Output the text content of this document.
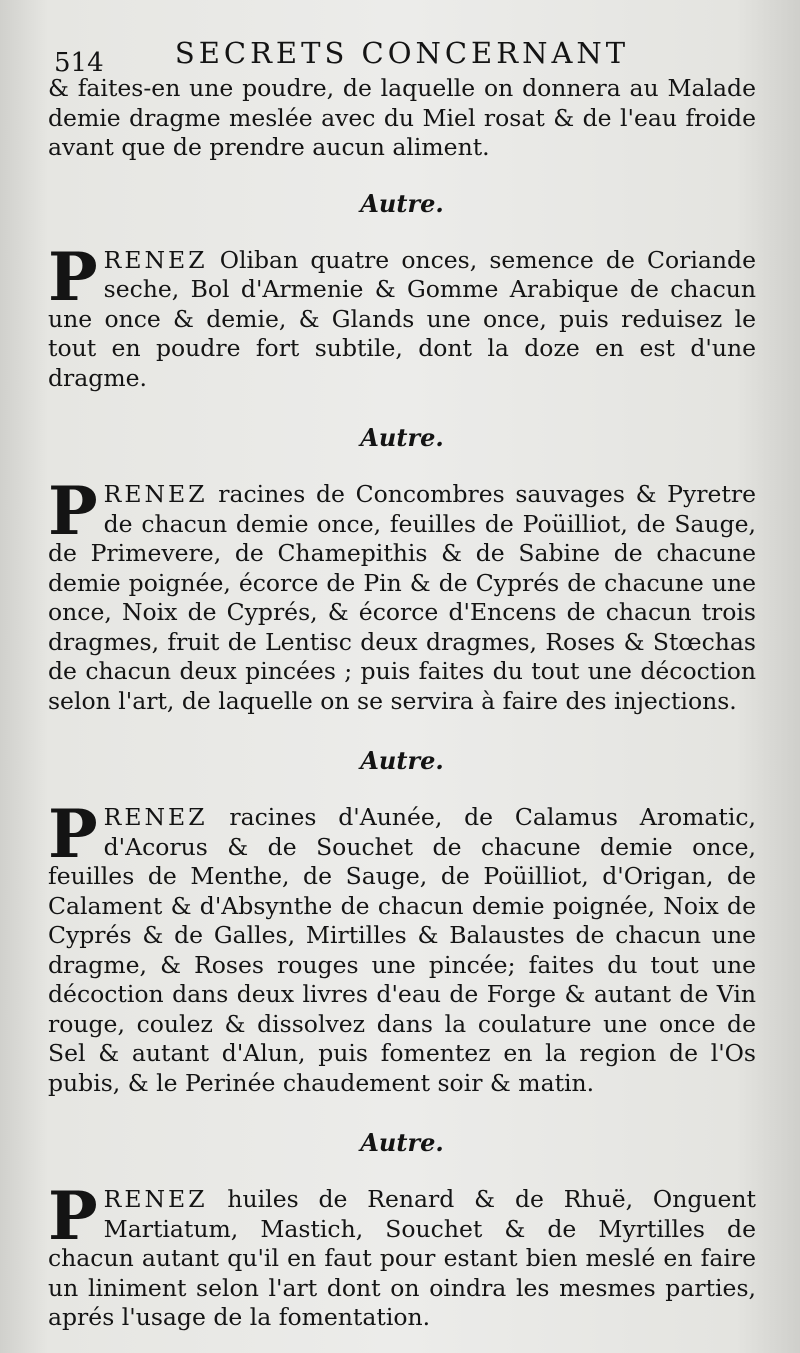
514 SECRETS CONCERNANT

& faites-en une poudre, de laquelle on donnera au Malade demie dragme meslée avec du Miel rosat & de l'eau froide avant que de prendre aucun aliment.

Autre.

PRENEZ Oliban quatre onces, semence de Coriande seche, Bol d'Armenie & Gomme Arabique de chacun une once & demie, & Glands une once, puis reduisez le tout en poudre fort subtile, dont la doze en est d'une dragme.

Autre.

PRENEZ racines de Concombres sauvages & Pyretre de chacun demie once, feuilles de Poüilliot, de Sauge, de Primevere, de Chamepithis & de Sabine de chacune demie poignée, écorce de Pin & de Cyprés de chacune une once, Noix de Cyprés, & écorce d'Encens de chacun trois dragmes, fruit de Lentisc deux dragmes, Roses & Stœchas de chacun deux pincées ; puis faites du tout une décoction selon l'art, de laquelle on se servira à faire des injections.

Autre.

PRENEZ racines d'Aunée, de Calamus Aromatic, d'Acorus & de Souchet de chacune demie once, feuilles de Menthe, de Sauge, de Poüilliot, d'Origan, de Calament & d'Absynthe de chacun demie poignée, Noix de Cyprés & de Galles, Mirtilles & Balaustes de chacun une dragme, & Roses rouges une pincée; faites du tout une décoction dans deux livres d'eau de Forge & autant de Vin rouge, coulez & dissolvez dans la coulature une once de Sel & autant d'Alun, puis fomentez en la region de l'Os pubis, & le Perinée chaudement soir & matin.

Autre.

PRENEZ huiles de Renard & de Rhuë, Onguent Martiatum, Mastich, Souchet & de Myrtilles de chacun autant qu'il en faut pour estant bien meslé en faire un liniment selon l'art dont on oindra les mesmes parties, aprés l'usage de la fomentation.
